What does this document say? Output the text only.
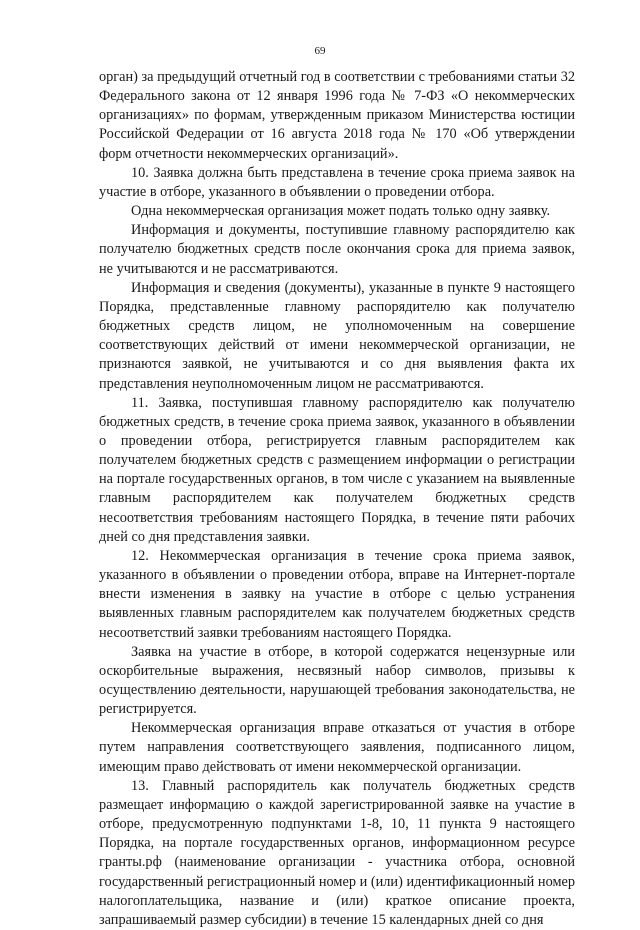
69

орган) за предыдущий отчетный год в соответствии с требованиями статьи 32 Федерального закона от 12 января 1996 года № 7-ФЗ «О некоммерческих организациях» по формам, утвержденным приказом Министерства юстиции Российской Федерации от 16 августа 2018 года № 170 «Об утверждении форм отчетности некоммерческих организаций».

10. Заявка должна быть представлена в течение срока приема заявок на участие в отборе, указанного в объявлении о проведении отбора.

Одна некоммерческая организация может подать только одну заявку.

Информация и документы, поступившие главному распорядителю как получателю бюджетных средств после окончания срока для приема заявок, не учитываются и не рассматриваются.

Информация и сведения (документы), указанные в пункте 9 настоящего Порядка, представленные главному распорядителю как получателю бюджетных средств лицом, не уполномоченным на совершение соответствующих действий от имени некоммерческой организации, не признаются заявкой, не учитываются и со дня выявления факта их представления неуполномоченным лицом не рассматриваются.

11. Заявка, поступившая главному распорядителю как получателю бюджетных средств, в течение срока приема заявок, указанного в объявлении о проведении отбора, регистрируется главным распорядителем как получателем бюджетных средств с размещением информации о регистрации на портале государственных органов, в том числе с указанием на выявленные главным распорядителем как получателем бюджетных средств несоответствия требованиям настоящего Порядка, в течение пяти рабочих дней со дня представления заявки.

12. Некоммерческая организация в течение срока приема заявок, указанного в объявлении о проведении отбора, вправе на Интернет-портале внести изменения в заявку на участие в отборе с целью устранения выявленных главным распорядителем как получателем бюджетных средств несоответствий заявки требованиям настоящего Порядка.

Заявка на участие в отборе, в которой содержатся нецензурные или оскорбительные выражения, несвязный набор символов, призывы к осуществлению деятельности, нарушающей требования законодательства, не регистрируется.

Некоммерческая организация вправе отказаться от участия в отборе путем направления соответствующего заявления, подписанного лицом, имеющим право действовать от имени некоммерческой организации.

13. Главный распорядитель как получатель бюджетных средств размещает информацию о каждой зарегистрированной заявке на участие в отборе, предусмотренную подпунктами 1-8, 10, 11 пункта 9 настоящего Порядка, на портале государственных органов, информационном ресурсе гранты.рф (наименование организации - участника отбора, основной государственный регистрационный номер и (или) идентификационный номер налогоплательщика, название и (или) краткое описание проекта, запрашиваемый размер субсидии) в течение 15 календарных дней со дня
